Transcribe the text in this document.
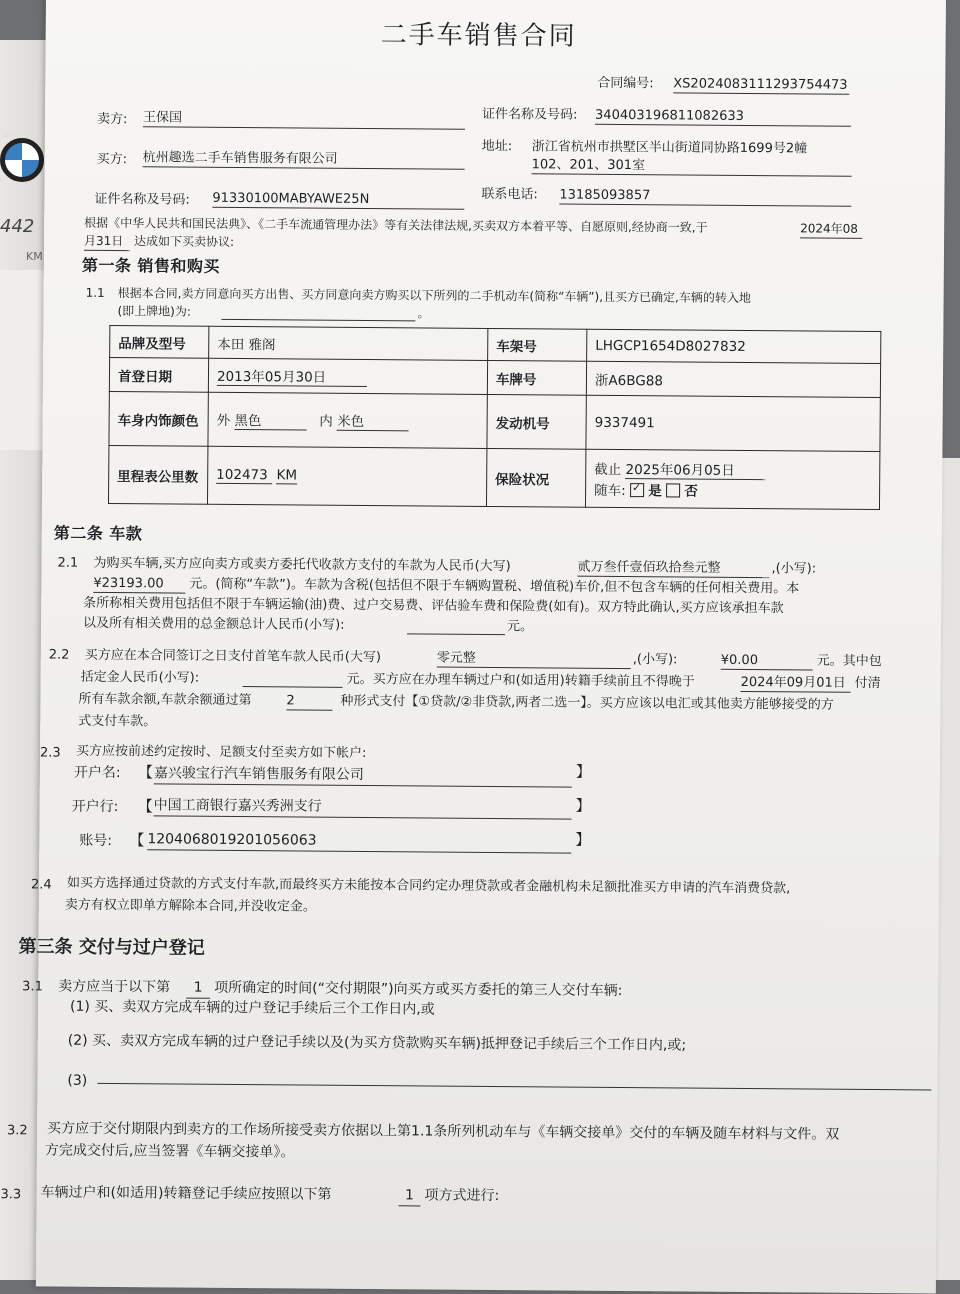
BMW
442
KM
二手车销售合同
合同编号: XS2024083111293754473
卖方: 王保国	证件名称及号码: 340403196811082633
买方: 杭州趣选二手车销售服务有限公司
地址: 浙江省杭州市拱墅区半山街道同协路1699号2幢
102、201、301室
证件名称及号码: 91330100MABYAWE25N	联系电话: 13185093857
根据《中华人民共和国民法典》、《二手车流通管理办法》等有关法律法规,买卖双方本着平等、自愿原则,经协商一致,于	2024年08
月31日 达成如下买卖协议:
第一条 销售和购买
1.1 根据本合同,卖方同意向买方出售、买方同意向卖方购买以下所列的二手机动车(简称“车辆”),且买方已确定,车辆的转入地
(即上牌地)为:	。
品牌及型号	本田 雅阁	车架号	LHGCP1654D8027832
首登日期	2013年05月30日	车牌号	浙A6BG88
车身内饰颜色	外 黑色 内 米色	发动机号	9337491
里程表公里数	102473 KM	保险状况	截止 2025年06月05日
随车: ✓ 是 否
第二条 车款
2.1 为购买车辆,买方应向卖方或卖方委托代收款方支付的车款为人民币(大写)	贰万叁仟壹佰玖拾叁元整	,(小写):
¥23193.00	元。(简称“车款”)。车款为含税(包括但不限于车辆购置税、增值税)车价,但不包含车辆的任何相关费用。本
条所称相关费用包括但不限于车辆运输(油)费、过户交易费、评估验车费和保险费(如有)。双方特此确认,买方应该承担车款
以及所有相关费用的总金额总计人民币(小写):	元。
2.2 买方应在本合同签订之日支付首笔车款人民币(大写)	零元整	,(小写):	¥0.00	元。其中包
括定金人民币(小写):	元。买方应在办理车辆过户和(如适用)转籍手续前且不得晚于	2024年09月01日 付清
所有车款余额,车款余额通过第	2	种形式支付【①贷款/②非贷款,两者二选一】。买方应该以电汇或其他卖方能够接受的方
式支付车款。
2.3 买方应按前述约定按时、足额支付至卖方如下帐户:
开户名: 【 嘉兴骏宝行汽车销售服务有限公司	】
开户行: 【 中国工商银行嘉兴秀洲支行	】
账号: 【 1204068019201056063	】
2.4 如买方选择通过贷款的方式支付车款,而最终买方未能按本合同约定办理贷款或者金融机构未足额批准买方申请的汽车消费贷款,
卖方有权立即单方解除本合同,并没收定金。
第三条 交付与过户登记
3.1 卖方应当于以下第	1 项所确定的时间(“交付期限”)向买方或买方委托的第三人交付车辆:
(1) 买、卖双方完成车辆的过户登记手续后三个工作日内,或
(2) 买、卖双方完成车辆的过户登记手续以及(为买方贷款购买车辆)抵押登记手续后三个工作日内,或;
(3)
3.2 买方应于交付期限内到卖方的工作场所接受卖方依据以上第1.1条所列机动车与《车辆交接单》交付的车辆及随车材料与文件。双
方完成交付后,应当签署《车辆交接单》。
3.3 车辆过户和(如适用)转籍登记手续应按照以下第	1 项方式进行:
